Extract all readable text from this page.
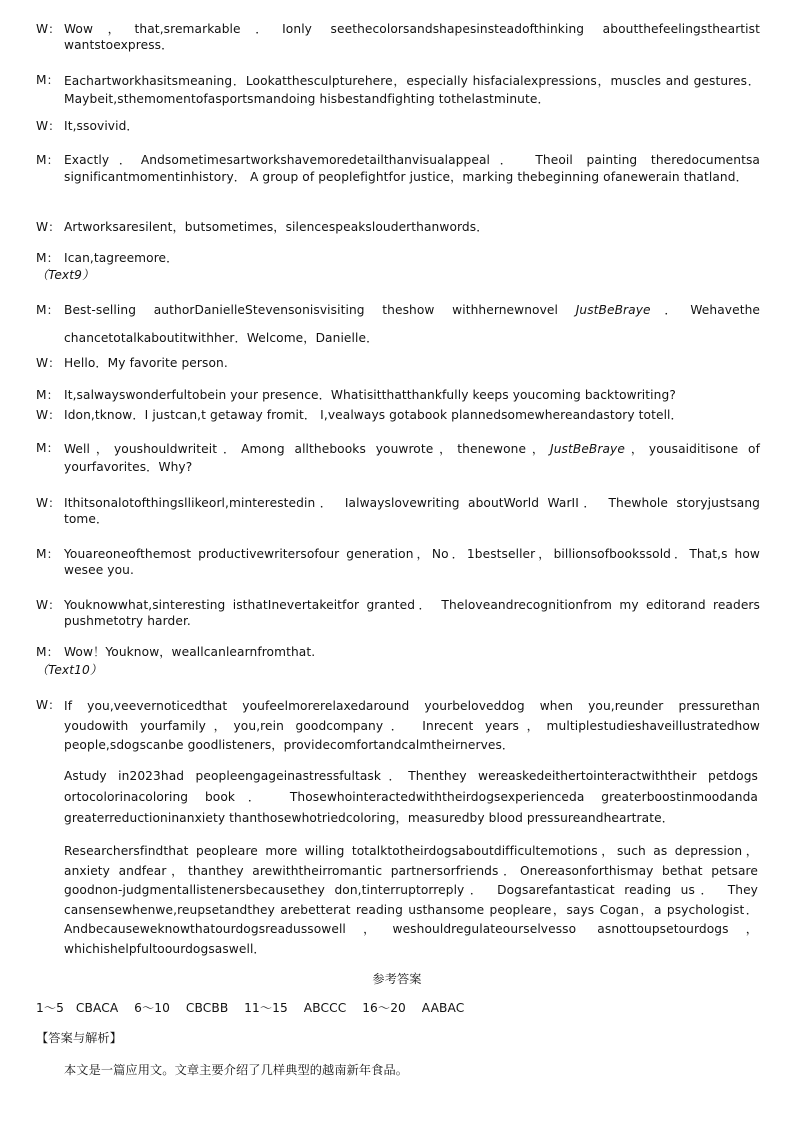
W： Wow，that,sremarkable．Ionly seethecolorsandshapesinsteadofthinking aboutthefeelingstheartist wantstoexpress．
M： Eachartworkhasitsmeaning．Lookatthesculpturehere，especially hisfacialexpressions，muscles and gestures．Maybeit,sthemomentofasportsmandoing hisbestandfighting tothelastminute．
W： It,ssovivid．
M： Exactly．Andsometimesartworkshavemoredetailthanvisualappeal． Theoil painting theredocumentsa significantmomentinhistory． A group of peoplefightfor justice，marking thebeginning ofanewerain thatland．
W： Artworksaresilent，butsometimes，silencespeakslouderthanwords．
M： Ican,tagreemore．
（Text9）
M： Best-selling authorDanielleStevensonisvisiting theshow withhernewnovel JustBeBraye．Wehavethe chancetotalkaboutitwithher．Welcome，Danielle．
W： Hello．My favorite person.
M： It,salwayswonderfultobein your presence．Whatisitthatthankfully keeps youcoming backtowriting?
W： Idon,tknow．I justcan,t getaway fromit． I,vealways gotabook plannedsomewhereandastory totell．
M： Well，youshouldwriteit．Among allthebooks youwrote，thenewone，JustBeBraye，yousaiditisone of yourfavorites．Why?
W： Ithitsonalotofthingsllikeorl,minterestedin． Ialwayslovewriting aboutWorld WarII． Thewhole storyjustsang tome．
M： Youareoneofthemost productivewritersofour generation，No．1bestseller，billionsofbookssold．That,s how wesee you.
W： Youknowwhat,sinteresting isthatInevertakeitfor granted． Theloveandrecognitionfrom my editorand readers pushmetotry harder.
M： Wow！Youknow，weallcanlearnfromthat.
（Text10）
W： If you,veevernoticedthat youfeelmorerelaxedaround yourbeloveddog when you,reunder pressurethan youdowith yourfamily，you,rein goodcompany． Inrecent years，multiplestudieshaveillustratedhow people,sdogscanbe goodlisteners，providecomfortandcalmtheirnerves．
Astudy in2023had peopleengageinastressfultask．Thenthey wereaskedeithertointeractwiththeir petdogs ortocolorinacoloring book． Thosewhointeractedwiththeirdogsexperienceda greaterboostinmoodanda greaterreductioninanxiety thanthosewhotriedcoloring，measuredby blood pressureandheartrate．
Researchersfindthat peopleare more willing totalktotheirdogsaboutdifficultemotions，such as depression，anxiety andfear，thanthey arewiththeirromantic partnersorfriends．Onereasonforthismay bethat petsare goodnon-judgmentallistenersbecausethey don,tinterruptorreply． Dogsarefantasticat reading us． They cansensewhenwe,reupsetandthey arebetterat reading usthansome peopleare，says Cogan，a psychologist． Andbecauseweknowthatourdogsreadussowell，weshouldregulateourselvesso asnottoupsetourdogs，whichishelpfultoourdogsaswell．
参考答案
1～5   CBACA    6～10    CBCBB    11～15    ABCCC    16～20    AABAC
【答案与解析】
本文是一篇应用文。文章主要介绍了几样典型的越南新年食品。
